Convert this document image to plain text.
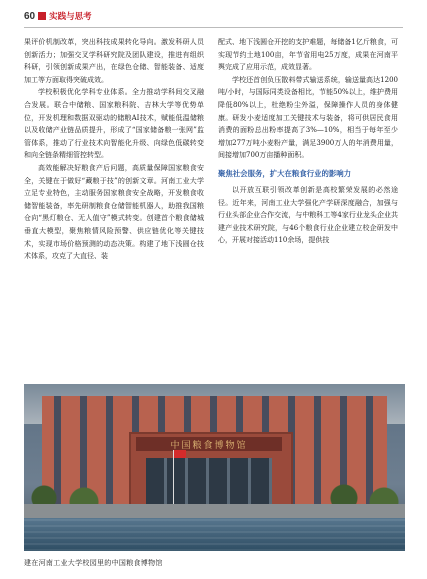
60 实践与思考

果评价机制改革，突出科技成果转化导向。激发科研人员创新活力；加强交叉学科研究院及团队建设，推进有组织科研，引领创新成果产出，在绿色仓储、智能装备、适度加工等方面取得突破成效。

学校积极优化学科专业体系。全力推动学科间交叉融合发展。联合中储粮、国家粮科院、吉林大学等优势单位，开发机理和数据双驱动的储粮AI技术，赋能低温储粮以及收储产业链品质提升，形成了“国家储备粮一张网”监管体系，推动了行业技术向智能化升级、向绿色低碳转变和向全链条精细管控转型。

高效能解决好粮食产后问题，高质量保障国家粮食安全，关键在于做好“藏粮于技”的创新文章。河南工业大学立足专业特色，主动服务国家粮食安全战略，开发粮食收储智能装备，率先研制粮食仓储智能机器人，助推我国粮仓向“黑灯粮仓、无人值守”模式转变。创建首个粮食储城垂直大模型，聚焦粮情风险预警、供应链优化等关键技术，实现市场价格预测的动态决策。构建了地下浅圆仓技术体系，攻克了大直径、装

配式、地下浅圆仓开挖的支护难题，每储备1亿斤粮食，可实现节约土地100亩，年节省用电25万度，成果在河南平舆完成了应用示范，成效显著。

学校还首创负压散料带式输送系统，输送量高达1200吨/小时，与国际同类设备相比，节能50%以上，维护费用降低80%以上，杜绝粉尘外溢，保障操作人员的身体健康。研发小麦适度加工关键技术与装备，将可供居民食用消费的面粉总出粉率提高了3%—10%，相当于每年至少增加277万吨小麦粉产量，满足3900万人的年消费用量，间接增加700万亩播种面积。

聚焦社会服务，扩大在粮食行业的影响力

以开放互联引领改革创新是高校繁荣发展的必然途径。近年来，河南工业大学强化产学研深度融合，加强与行业头部企业合作交流，与中粮科工等4家行业龙头企业共建产业技术研究院，与46个粮食行业企业建立校企研发中心，开展对接活动110余场，提供技

中国粮食博物馆
建在河南工业大学校园里的中国粮食博物馆
